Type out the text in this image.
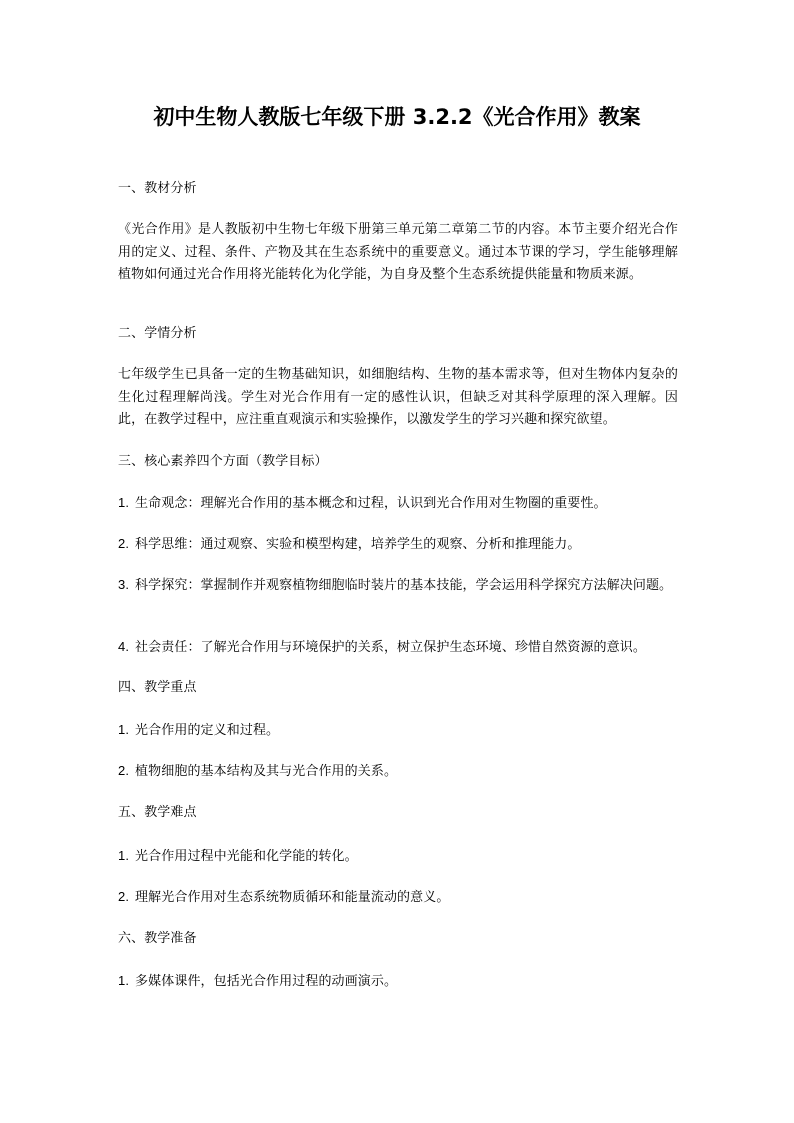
初中生物人教版七年级下册 3.2.2《光合作用》教案
一、教材分析
《光合作用》是人教版初中生物七年级下册第三单元第二章第二节的内容。本节主要介绍光合作用的定义、过程、条件、产物及其在生态系统中的重要意义。通过本节课的学习，学生能够理解植物如何通过光合作用将光能转化为化学能，为自身及整个生态系统提供能量和物质来源。
二、学情分析
七年级学生已具备一定的生物基础知识，如细胞结构、生物的基本需求等，但对生物体内复杂的生化过程理解尚浅。学生对光合作用有一定的感性认识，但缺乏对其科学原理的深入理解。因此，在教学过程中，应注重直观演示和实验操作，以激发学生的学习兴趣和探究欲望。
三、核心素养四个方面（教学目标）
1. 生命观念：理解光合作用的基本概念和过程，认识到光合作用对生物圈的重要性。
2. 科学思维：通过观察、实验和模型构建，培养学生的观察、分析和推理能力。
3. 科学探究：掌握制作并观察植物细胞临时装片的基本技能，学会运用科学探究方法解决问题。
4. 社会责任：了解光合作用与环境保护的关系，树立保护生态环境、珍惜自然资源的意识。
四、教学重点
1. 光合作用的定义和过程。
2. 植物细胞的基本结构及其与光合作用的关系。
五、教学难点
1. 光合作用过程中光能和化学能的转化。
2. 理解光合作用对生态系统物质循环和能量流动的意义。
六、教学准备
1. 多媒体课件，包括光合作用过程的动画演示。
